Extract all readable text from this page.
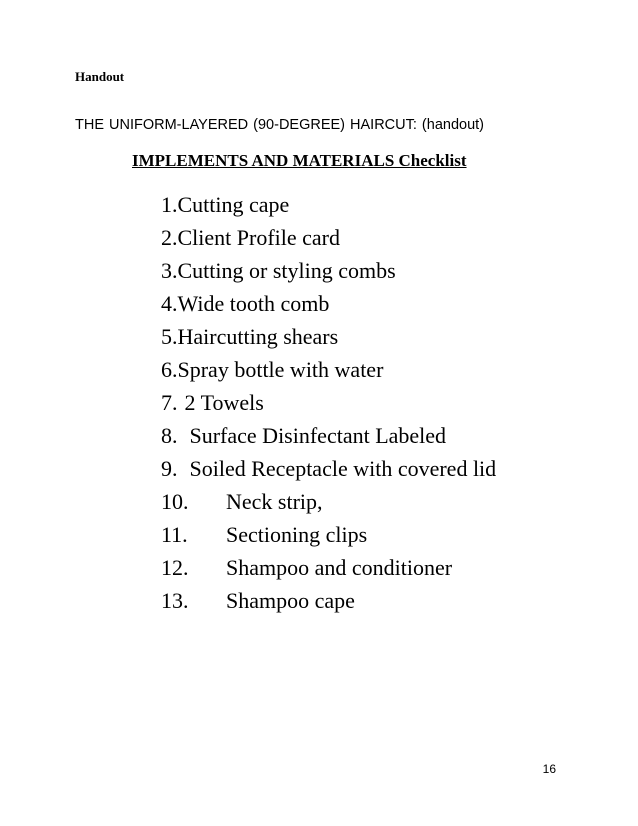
Handout
THE UNIFORM-LAYERED (90-DEGREE) HAIRCUT: (handout)
IMPLEMENTS AND MATERIALS Checklist
1.Cutting cape
2.Client Profile card
3.Cutting or styling combs
4.Wide tooth comb
5.Haircutting shears
6.Spray bottle with water
7. 2 Towels
8. Surface Disinfectant Labeled
9. Soiled Receptacle with covered lid
10. Neck strip,
11. Sectioning clips
12. Shampoo and conditioner
13. Shampoo cape
16
